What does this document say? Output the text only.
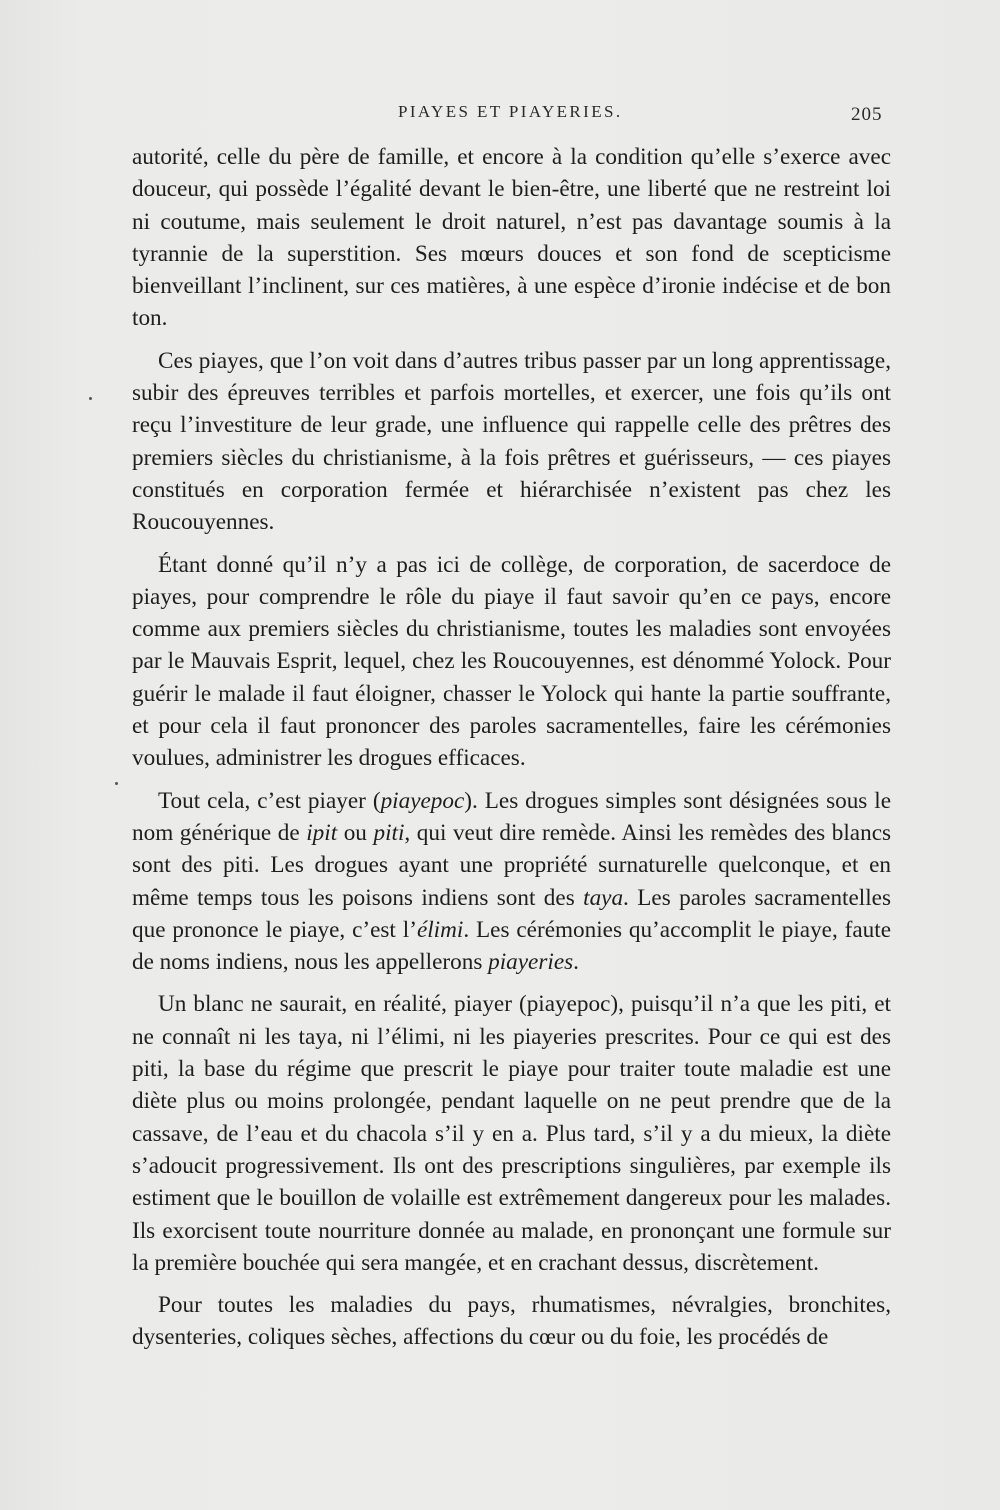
PIAYES ET PIAYERIES.	205

autorité, celle du père de famille, et encore à la condition qu’elle s’exerce avec douceur, qui possède l’égalité devant le bien-être, une liberté que ne restreint loi ni coutume, mais seulement le droit naturel, n’est pas davantage soumis à la tyrannie de la superstition. Ses mœurs douces et son fond de scepticisme bienveillant l’inclinent, sur ces matières, à une espèce d’ironie indécise et de bon ton.

Ces piayes, que l’on voit dans d’autres tribus passer par un long apprentissage, subir des épreuves terribles et parfois mortelles, et exercer, une fois qu’ils ont reçu l’investiture de leur grade, une influence qui rappelle celle des prêtres des premiers siècles du christianisme, à la fois prêtres et guérisseurs, — ces piayes constitués en corporation fermée et hiérarchisée n’existent pas chez les Roucouyennes.

Étant donné qu’il n’y a pas ici de collège, de corporation, de sacerdoce de piayes, pour comprendre le rôle du piaye il faut savoir qu’en ce pays, encore comme aux premiers siècles du christianisme, toutes les maladies sont envoyées par le Mauvais Esprit, lequel, chez les Roucouyennes, est dénommé Yolock. Pour guérir le malade il faut éloigner, chasser le Yolock qui hante la partie souffrante, et pour cela il faut prononcer des paroles sacramentelles, faire les cérémonies voulues, administrer les drogues efficaces.

Tout cela, c’est piayer (piayepoc). Les drogues simples sont désignées sous le nom générique de ipit ou piti, qui veut dire remède. Ainsi les remèdes des blancs sont des piti. Les drogues ayant une propriété surnaturelle quelconque, et en même temps tous les poisons indiens sont des taya. Les paroles sacramentelles que prononce le piaye, c’est l’élimi. Les cérémonies qu’accomplit le piaye, faute de noms indiens, nous les appellerons piayeries.

Un blanc ne saurait, en réalité, piayer (piayepoc), puisqu’il n’a que les piti, et ne connaît ni les taya, ni l’élimi, ni les piayeries prescrites. Pour ce qui est des piti, la base du régime que prescrit le piaye pour traiter toute maladie est une diète plus ou moins prolongée, pendant laquelle on ne peut prendre que de la cassave, de l’eau et du chacola s’il y en a. Plus tard, s’il y a du mieux, la diète s’adoucit progressivement. Ils ont des prescriptions singulières, par exemple ils estiment que le bouillon de volaille est extrêmement dangereux pour les malades. Ils exorcisent toute nourriture donnée au malade, en prononçant une formule sur la première bouchée qui sera mangée, et en crachant dessus, discrètement.

Pour toutes les maladies du pays, rhumatismes, névralgies, bronchites, dysenteries, coliques sèches, affections du cœur ou du foie, les procédés de
